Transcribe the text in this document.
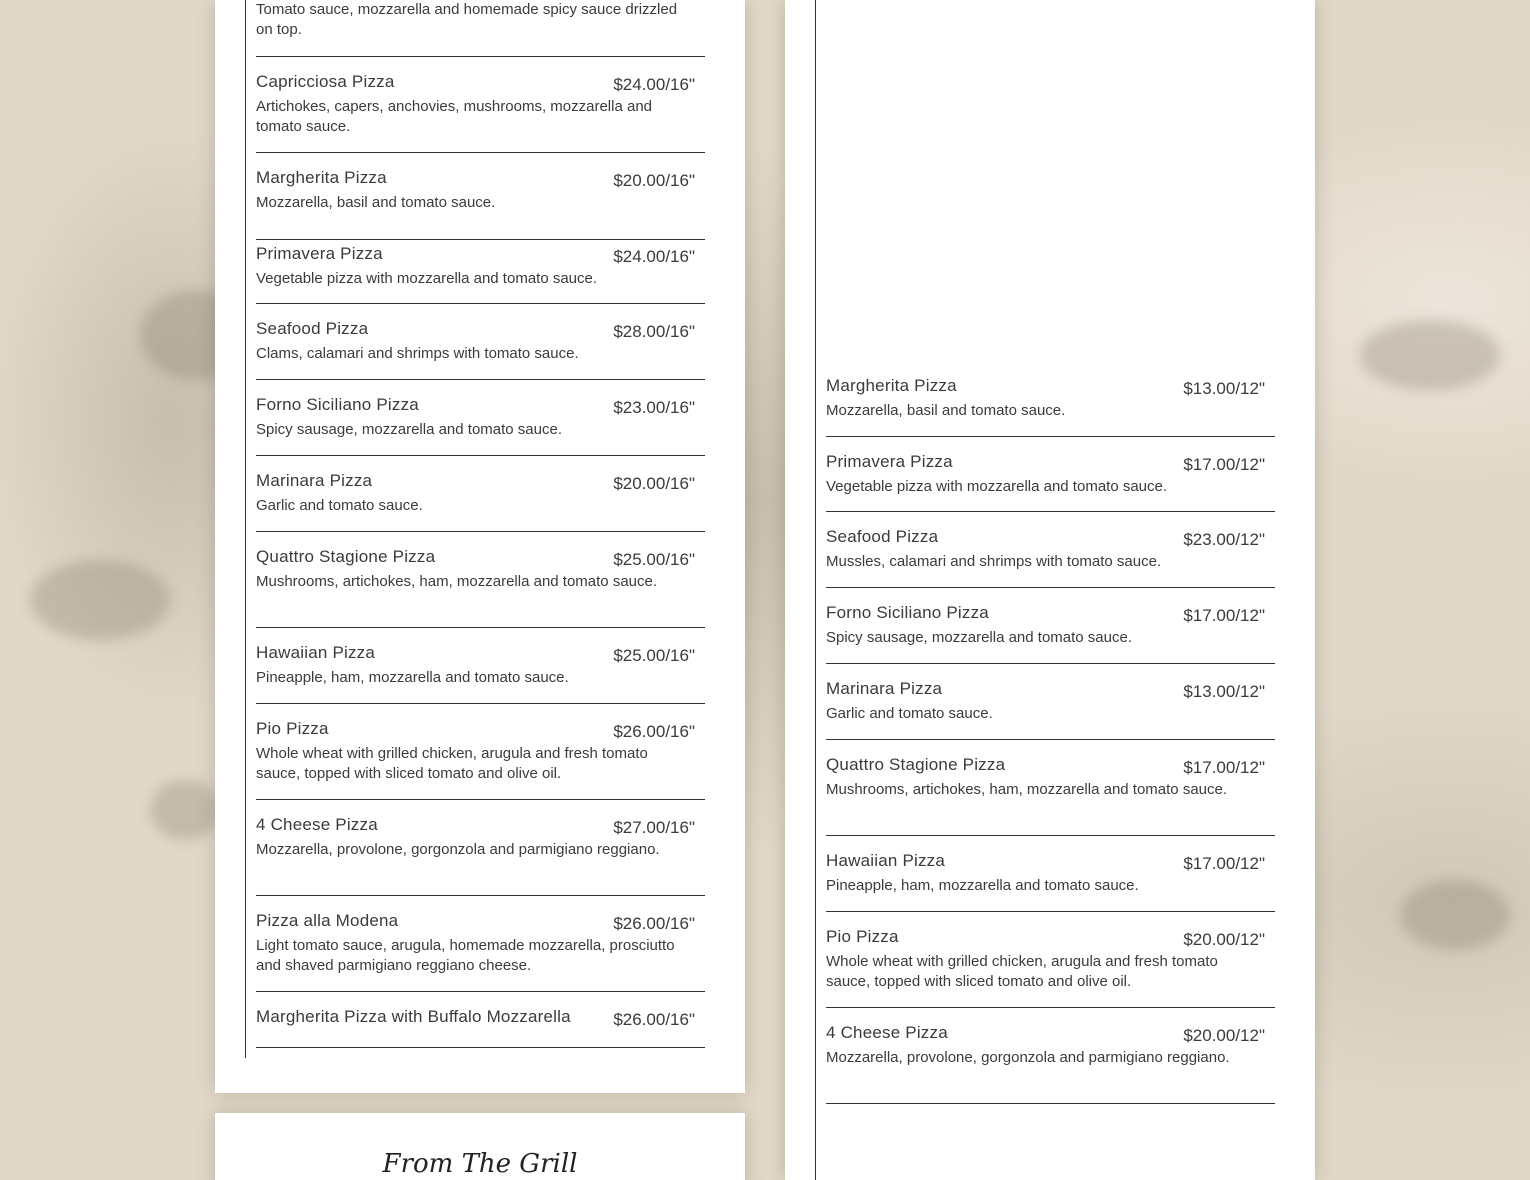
Tomato sauce, mozzarella and homemade spicy sauce drizzled on top.
Capricciosa Pizza	$24.00/16"
Artichokes, capers, anchovies, mushrooms, mozzarella and tomato sauce.
Margherita Pizza	$20.00/16"
Mozzarella, basil and tomato sauce.
Primavera Pizza	$24.00/16"
Vegetable pizza with mozzarella and tomato sauce.
Seafood Pizza	$28.00/16"
Clams, calamari and shrimps with tomato sauce.
Forno Siciliano Pizza	$23.00/16"
Spicy sausage, mozzarella and tomato sauce.
Marinara Pizza	$20.00/16"
Garlic and tomato sauce.
Quattro Stagione Pizza	$25.00/16"
Mushrooms, artichokes, ham, mozzarella and tomato sauce.
Hawaiian Pizza	$25.00/16"
Pineapple, ham, mozzarella and tomato sauce.
Pio Pizza	$26.00/16"
Whole wheat with grilled chicken, arugula and fresh tomato sauce, topped with sliced tomato and olive oil.
4 Cheese Pizza	$27.00/16"
Mozzarella, provolone, gorgonzola and parmigiano reggiano.
Pizza alla Modena	$26.00/16"
Light tomato sauce, arugula, homemade mozzarella, prosciutto and shaved parmigiano reggiano cheese.
Margherita Pizza with Buffalo Mozzarella	$26.00/16"
From The Grill
Margherita Pizza	$13.00/12"
Mozzarella, basil and tomato sauce.
Primavera Pizza	$17.00/12"
Vegetable pizza with mozzarella and tomato sauce.
Seafood Pizza	$23.00/12"
Mussles, calamari and shrimps with tomato sauce.
Forno Siciliano Pizza	$17.00/12"
Spicy sausage, mozzarella and tomato sauce.
Marinara Pizza	$13.00/12"
Garlic and tomato sauce.
Quattro Stagione Pizza	$17.00/12"
Mushrooms, artichokes, ham, mozzarella and tomato sauce.
Hawaiian Pizza	$17.00/12"
Pineapple, ham, mozzarella and tomato sauce.
Pio Pizza	$20.00/12"
Whole wheat with grilled chicken, arugula and fresh tomato sauce, topped with sliced tomato and olive oil.
4 Cheese Pizza	$20.00/12"
Mozzarella, provolone, gorgonzola and parmigiano reggiano.
